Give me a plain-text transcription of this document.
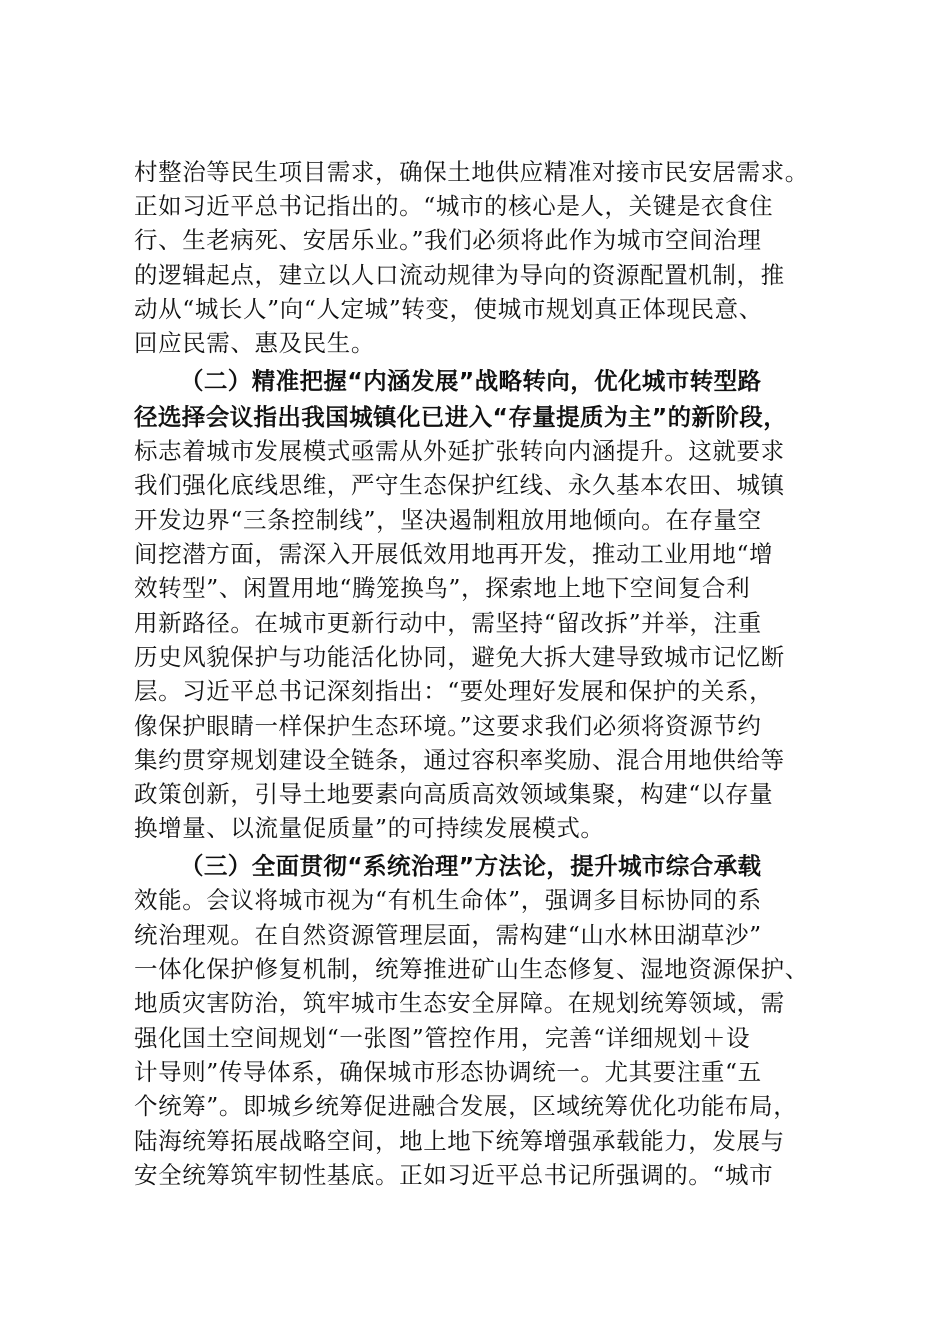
村整治等民生项目需求，确保土地供应精准对接市民安居需求。
正如习近平总书记指出的。“城市的核心是人，关键是衣食住
行、生老病死、安居乐业。”我们必须将此作为城市空间治理
的逻辑起点，建立以人口流动规律为导向的资源配置机制，推
动从“城长人”向“人定城”转变，使城市规划真正体现民意、
回应民需、惠及民生。
（二）精准把握“内涵发展”战略转向，优化城市转型路
径选择会议指出我国城镇化已进入“存量提质为主”的新阶段，
标志着城市发展模式亟需从外延扩张转向内涵提升。这就要求
我们强化底线思维，严守生态保护红线、永久基本农田、城镇
开发边界“三条控制线”，坚决遏制粗放用地倾向。在存量空
间挖潜方面，需深入开展低效用地再开发，推动工业用地“增
效转型”、闲置用地“腾笼换鸟”，探索地上地下空间复合利
用新路径。在城市更新行动中，需坚持“留改拆”并举，注重
历史风貌保护与功能活化协同，避免大拆大建导致城市记忆断
层。习近平总书记深刻指出：“要处理好发展和保护的关系，
像保护眼睛一样保护生态环境。”这要求我们必须将资源节约
集约贯穿规划建设全链条，通过容积率奖励、混合用地供给等
政策创新，引导土地要素向高质高效领域集聚，构建“以存量
换增量、以流量促质量”的可持续发展模式。
（三）全面贯彻“系统治理”方法论，提升城市综合承载
效能。会议将城市视为“有机生命体”，强调多目标协同的系
统治理观。在自然资源管理层面，需构建“山水林田湖草沙”
一体化保护修复机制，统筹推进矿山生态修复、湿地资源保护、
地质灾害防治，筑牢城市生态安全屏障。在规划统筹领域，需
强化国土空间规划“一张图”管控作用，完善“详细规划＋设
计导则”传导体系，确保城市形态协调统一。尤其要注重“五
个统筹”。即城乡统筹促进融合发展，区域统筹优化功能布局，
陆海统筹拓展战略空间，地上地下统筹增强承载能力，发展与
安全统筹筑牢韧性基底。正如习近平总书记所强调的。“城市
